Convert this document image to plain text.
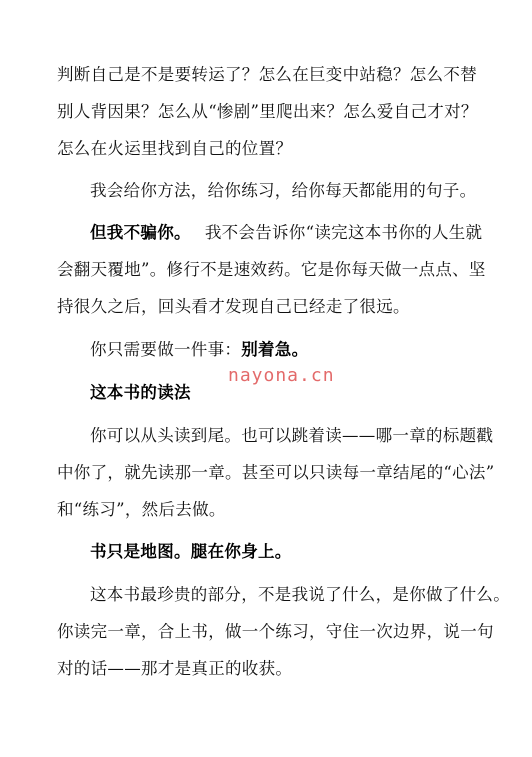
判断自己是不是要转运了？怎么在巨变中站稳？怎么不替
别人背因果？怎么从“惨剧”里爬出来？怎么爱自己才对？
怎么在火运里找到自己的位置？
我会给你方法，给你练习，给你每天都能用的句子。
但我不骗你。 我不会告诉你“读完这本书你的人生就
会翻天覆地”。修行不是速效药。它是你每天做一点点、坚
持很久之后，回头看才发现自己已经走了很远。
你只需要做一件事：别着急。
nayona.cn
这本书的读法
你可以从头读到尾。也可以跳着读——哪一章的标题戳
中你了，就先读那一章。甚至可以只读每一章结尾的“心法”
和“练习”，然后去做。
书只是地图。腿在你身上。
这本书最珍贵的部分，不是我说了什么，是你做了什么。
你读完一章，合上书，做一个练习，守住一次边界，说一句
对的话——那才是真正的收获。
